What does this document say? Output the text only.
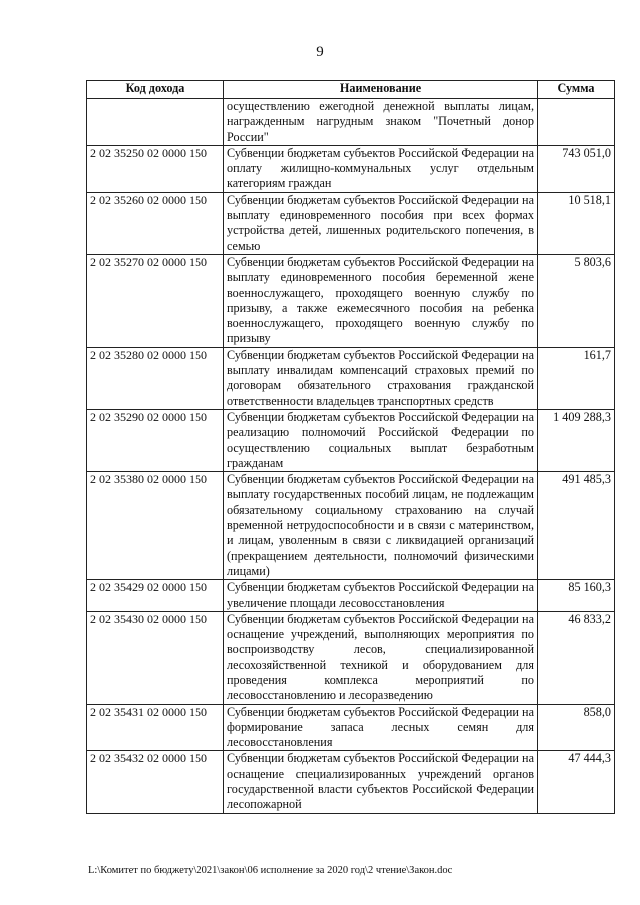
9
Код дохода	Наименование	Сумма
	осуществлению ежегодной денежной выплаты лицам, награжденным нагрудным знаком "Почетный донор России"	
2 02 35250 02 0000 150	Субвенции бюджетам субъектов Российской Федерации на оплату жилищно-коммунальных услуг отдельным категориям граждан	743 051,0
2 02 35260 02 0000 150	Субвенции бюджетам субъектов Российской Федерации на выплату единовременного пособия при всех формах устройства детей, лишенных родительского попечения, в семью	10 518,1
2 02 35270 02 0000 150	Субвенции бюджетам субъектов Российской Федерации на выплату единовременного пособия беременной жене военнослужащего, проходящего военную службу по призыву, а также ежемесячного пособия на ребенка военнослужащего, проходящего военную службу по призыву	5 803,6
2 02 35280 02 0000 150	Субвенции бюджетам субъектов Российской Федерации на выплату инвалидам компенсаций страховых премий по договорам обязательного страхования гражданской ответственности владельцев транспортных средств	161,7
2 02 35290 02 0000 150	Субвенции бюджетам субъектов Российской Федерации на реализацию полномочий Российской Федерации по осуществлению социальных выплат безработным гражданам	1 409 288,3
2 02 35380 02 0000 150	Субвенции бюджетам субъектов Российской Федерации на выплату государственных пособий лицам, не подлежащим обязательному социальному страхованию на случай временной нетрудоспособности и в связи с материнством, и лицам, уволенным в связи с ликвидацией организаций (прекращением деятельности, полномочий физическими лицами)	491 485,3
2 02 35429 02 0000 150	Субвенции бюджетам субъектов Российской Федерации на увеличение площади лесовосстановления	85 160,3
2 02 35430 02 0000 150	Субвенции бюджетам субъектов Российской Федерации на оснащение учреждений, выполняющих мероприятия по воспроизводству лесов, специализированной лесохозяйственной техникой и оборудованием для проведения комплекса мероприятий по лесовосстановлению и лесоразведению	46 833,2
2 02 35431 02 0000 150	Субвенции бюджетам субъектов Российской Федерации на формирование запаса лесных семян для лесовосстановления	858,0
2 02 35432 02 0000 150	Субвенции бюджетам субъектов Российской Федерации на оснащение специализированных учреждений органов государственной власти субъектов Российской Федерации лесопожарной	47 444,3
L:\Комитет по бюджету\2021\закон\06 исполнение за 2020 год\2 чтение\Закон.doc
